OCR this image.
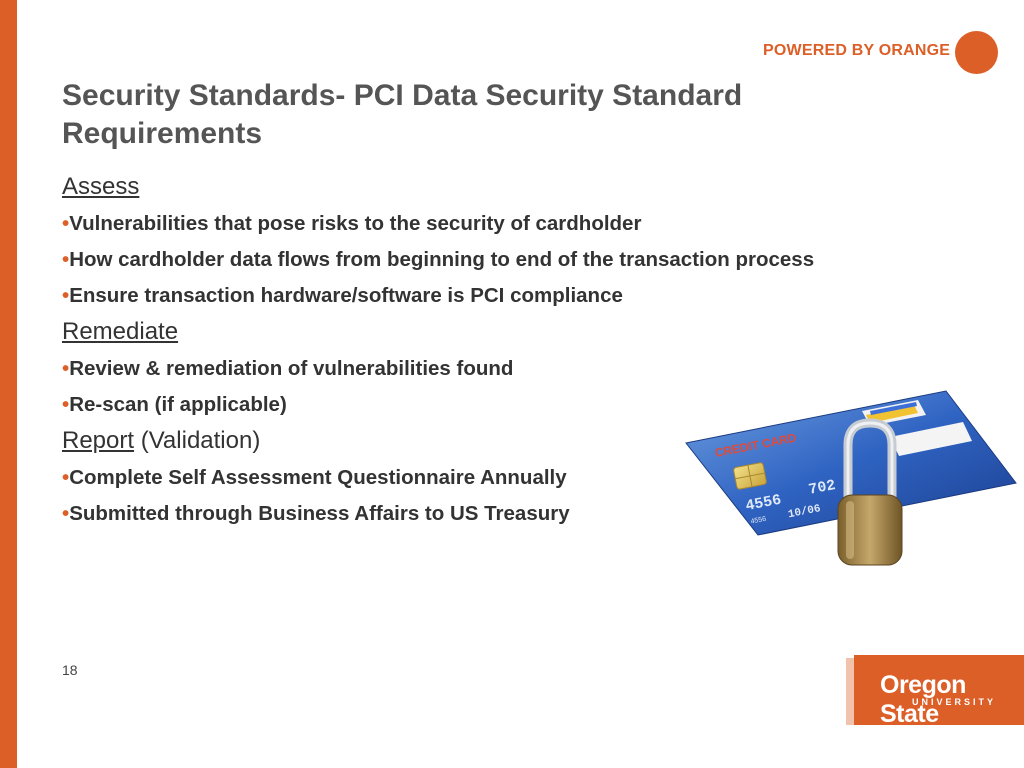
POWERED BY ORANGE
Security Standards- PCI Data Security Standard
Requirements
Assess
•Vulnerabilities that pose risks to the security of cardholder
•How cardholder data flows from beginning to end of the transaction process
•Ensure transaction hardware/software is PCI compliance
Remediate
•Review & remediation of vulnerabilities found
•Re-scan (if applicable)
Report (Validation)
•Complete Self Assessment Questionnaire Annually
•Submitted through Business Affairs to US Treasury
CREDIT CARD
4556
702
4556 10/06
18
Oregon State
UNIVERSITY
